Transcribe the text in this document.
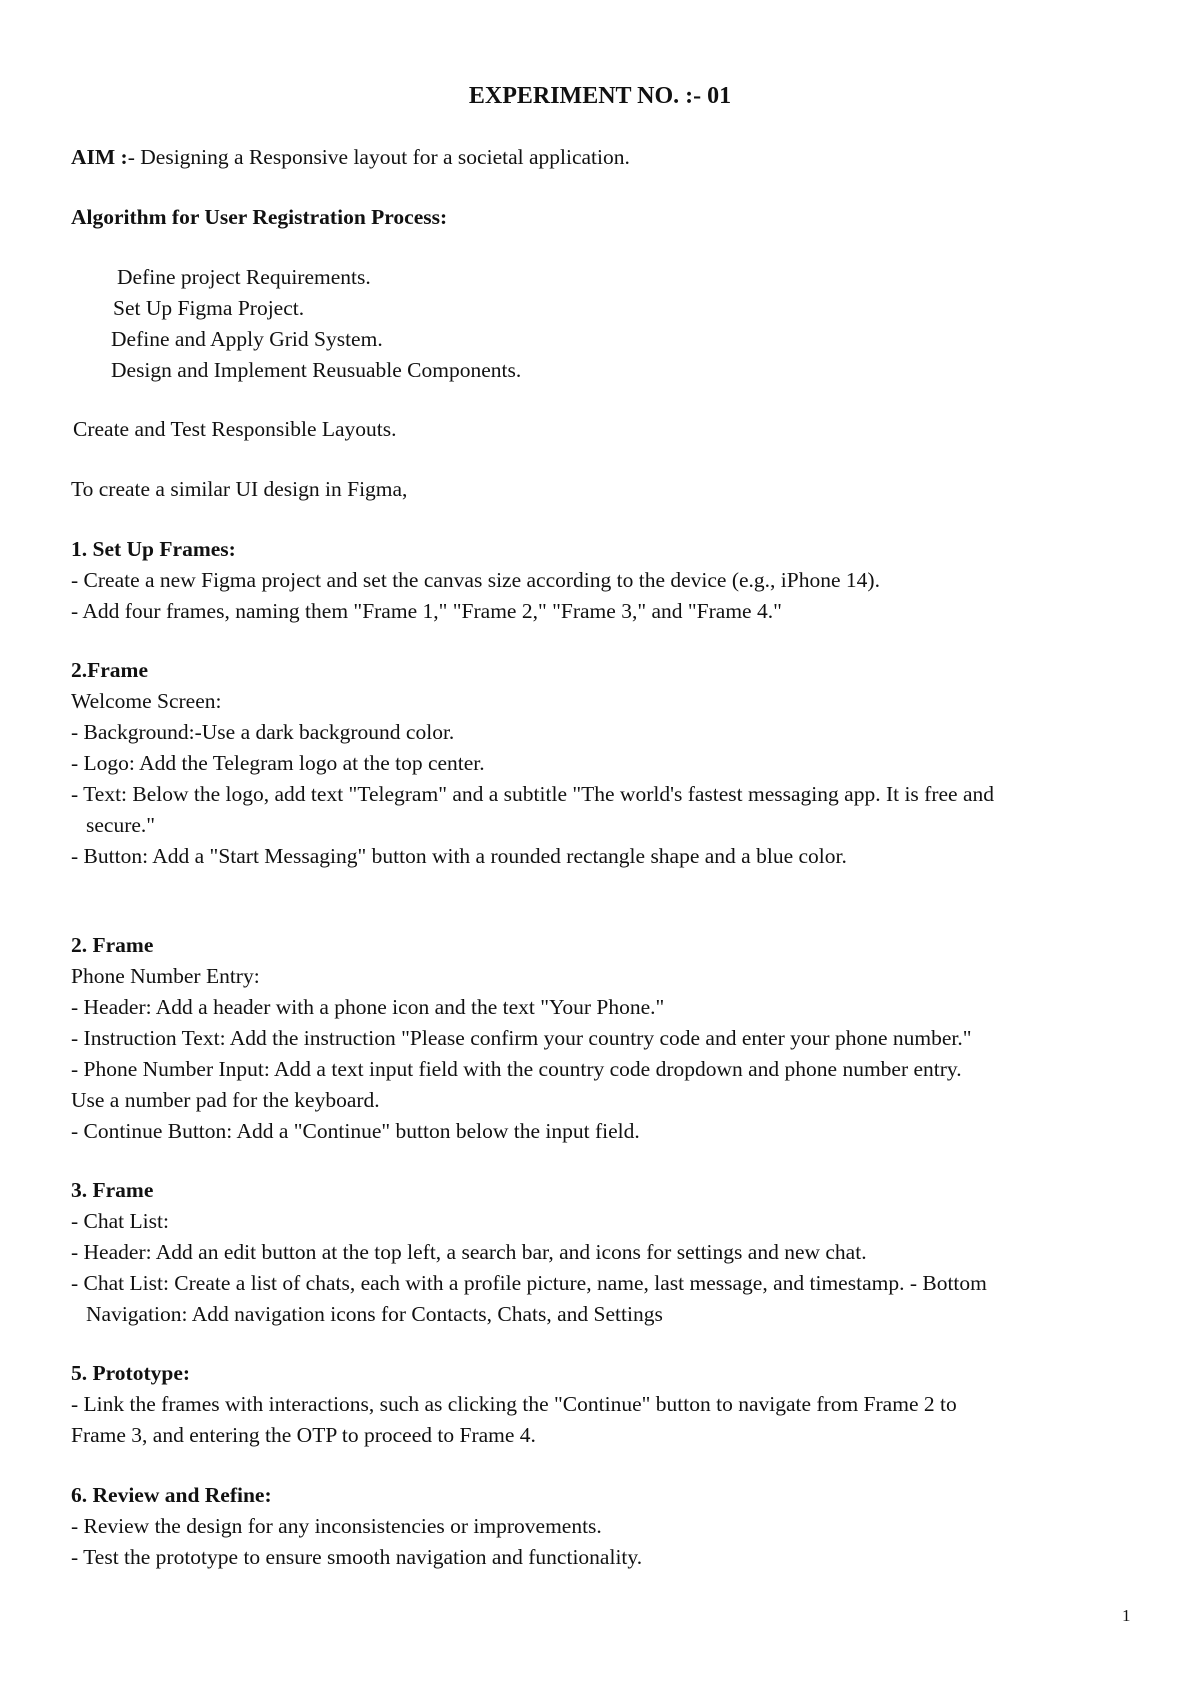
EXPERIMENT NO. :- 01
AIM :- Designing a Responsive layout for a societal application.
Algorithm for User Registration Process:
Define project Requirements.
Set Up Figma Project.
Define and Apply Grid System.
Design and Implement Reusuable Components.
Create and Test Responsible Layouts.
To create a similar UI design in Figma,
1. Set Up Frames:
- Create a new Figma project and set the canvas size according to the device (e.g., iPhone 14).
- Add four frames, naming them "Frame 1," "Frame 2," "Frame 3," and "Frame 4."
2.Frame
Welcome Screen:
- Background:-Use a dark background color.
- Logo: Add the Telegram logo at the top center.
- Text: Below the logo, add text "Telegram" and a subtitle "The world's fastest messaging app. It is free and
secure."
- Button: Add a "Start Messaging" button with a rounded rectangle shape and a blue color.
2. Frame
Phone Number Entry:
- Header: Add a header with a phone icon and the text "Your Phone."
- Instruction Text: Add the instruction "Please confirm your country code and enter your phone number."
- Phone Number Input: Add a text input field with the country code dropdown and phone number entry.
Use a number pad for the keyboard.
- Continue Button: Add a "Continue" button below the input field.
3. Frame
- Chat List:
- Header: Add an edit button at the top left, a search bar, and icons for settings and new chat.
- Chat List: Create a list of chats, each with a profile picture, name, last message, and timestamp. - Bottom
Navigation: Add navigation icons for Contacts, Chats, and Settings
5. Prototype:
- Link the frames with interactions, such as clicking the "Continue" button to navigate from Frame 2 to
Frame 3, and entering the OTP to proceed to Frame 4.
6. Review and Refine:
- Review the design for any inconsistencies or improvements.
- Test the prototype to ensure smooth navigation and functionality.
1
